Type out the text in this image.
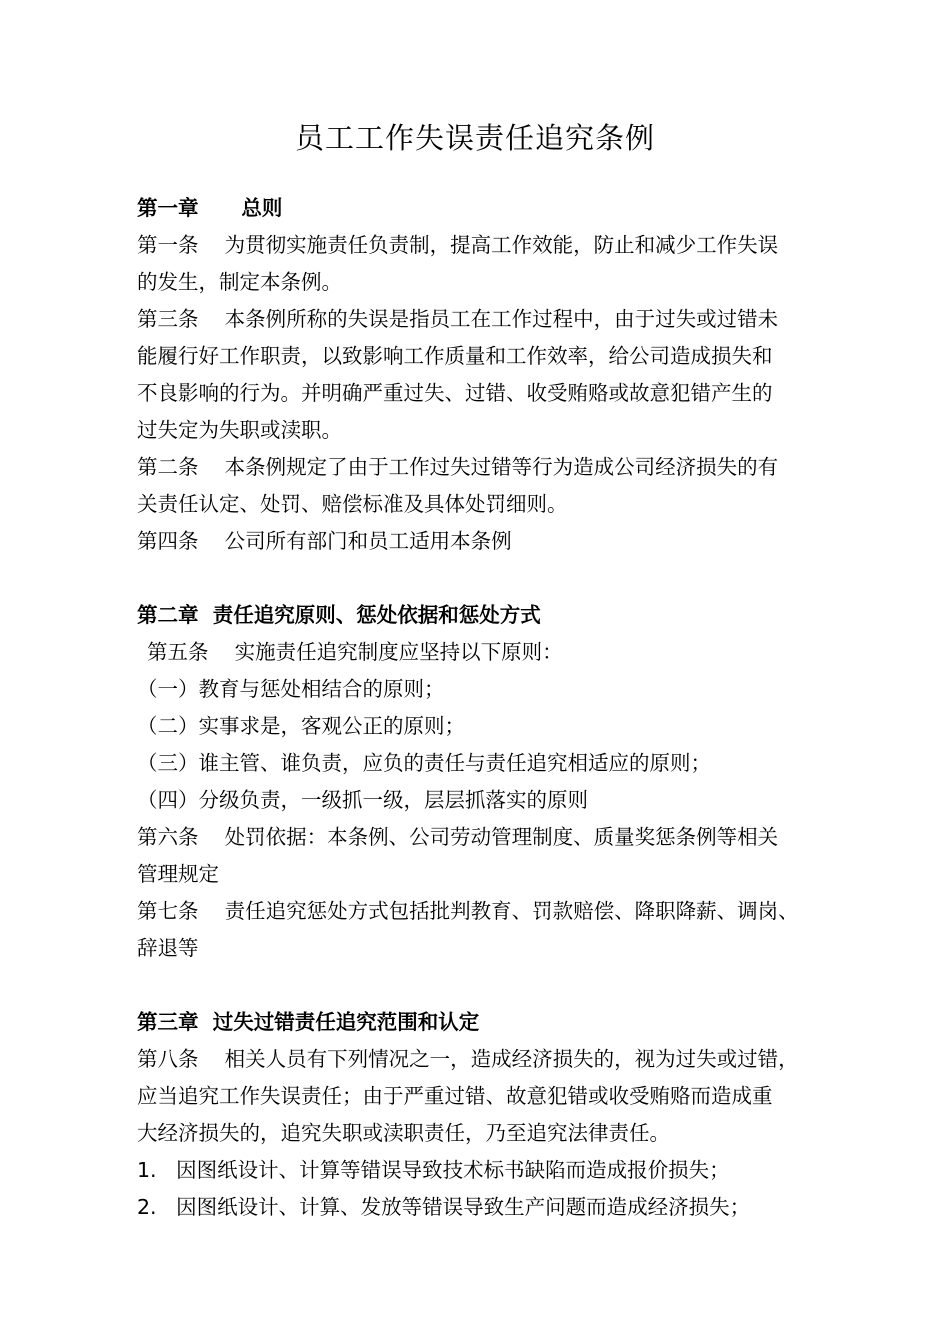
员工工作失误责任追究条例
第一章      总则
第一条    为贯彻实施责任负责制，提高工作效能，防止和减少工作失误
的发生，制定本条例。
第三条    本条例所称的失误是指员工在工作过程中，由于过失或过错未
能履行好工作职责，以致影响工作质量和工作效率，给公司造成损失和
不良影响的行为。并明确严重过失、过错、收受贿赂或故意犯错产生的
过失定为失职或渎职。
第二条    本条例规定了由于工作过失过错等行为造成公司经济损失的有
关责任认定、处罚、赔偿标准及具体处罚细则。
第四条    公司所有部门和员工适用本条例
第二章  责任追究原则、惩处依据和惩处方式
第五条    实施责任追究制度应坚持以下原则：
（一）教育与惩处相结合的原则；
（二）实事求是，客观公正的原则；
（三）谁主管、谁负责，应负的责任与责任追究相适应的原则；
（四）分级负责，一级抓一级，层层抓落实的原则
第六条    处罚依据：本条例、公司劳动管理制度、质量奖惩条例等相关
管理规定
第七条    责任追究惩处方式包括批判教育、罚款赔偿、降职降薪、调岗、
辞退等
第三章  过失过错责任追究范围和认定
第八条    相关人员有下列情况之一，造成经济损失的，视为过失或过错，
应当追究工作失误责任；由于严重过错、故意犯错或收受贿赂而造成重
大经济损失的，追究失职或渎职责任，乃至追究法律责任。
1.   因图纸设计、计算等错误导致技术标书缺陷而造成报价损失；
2.   因图纸设计、计算、发放等错误导致生产问题而造成经济损失；
